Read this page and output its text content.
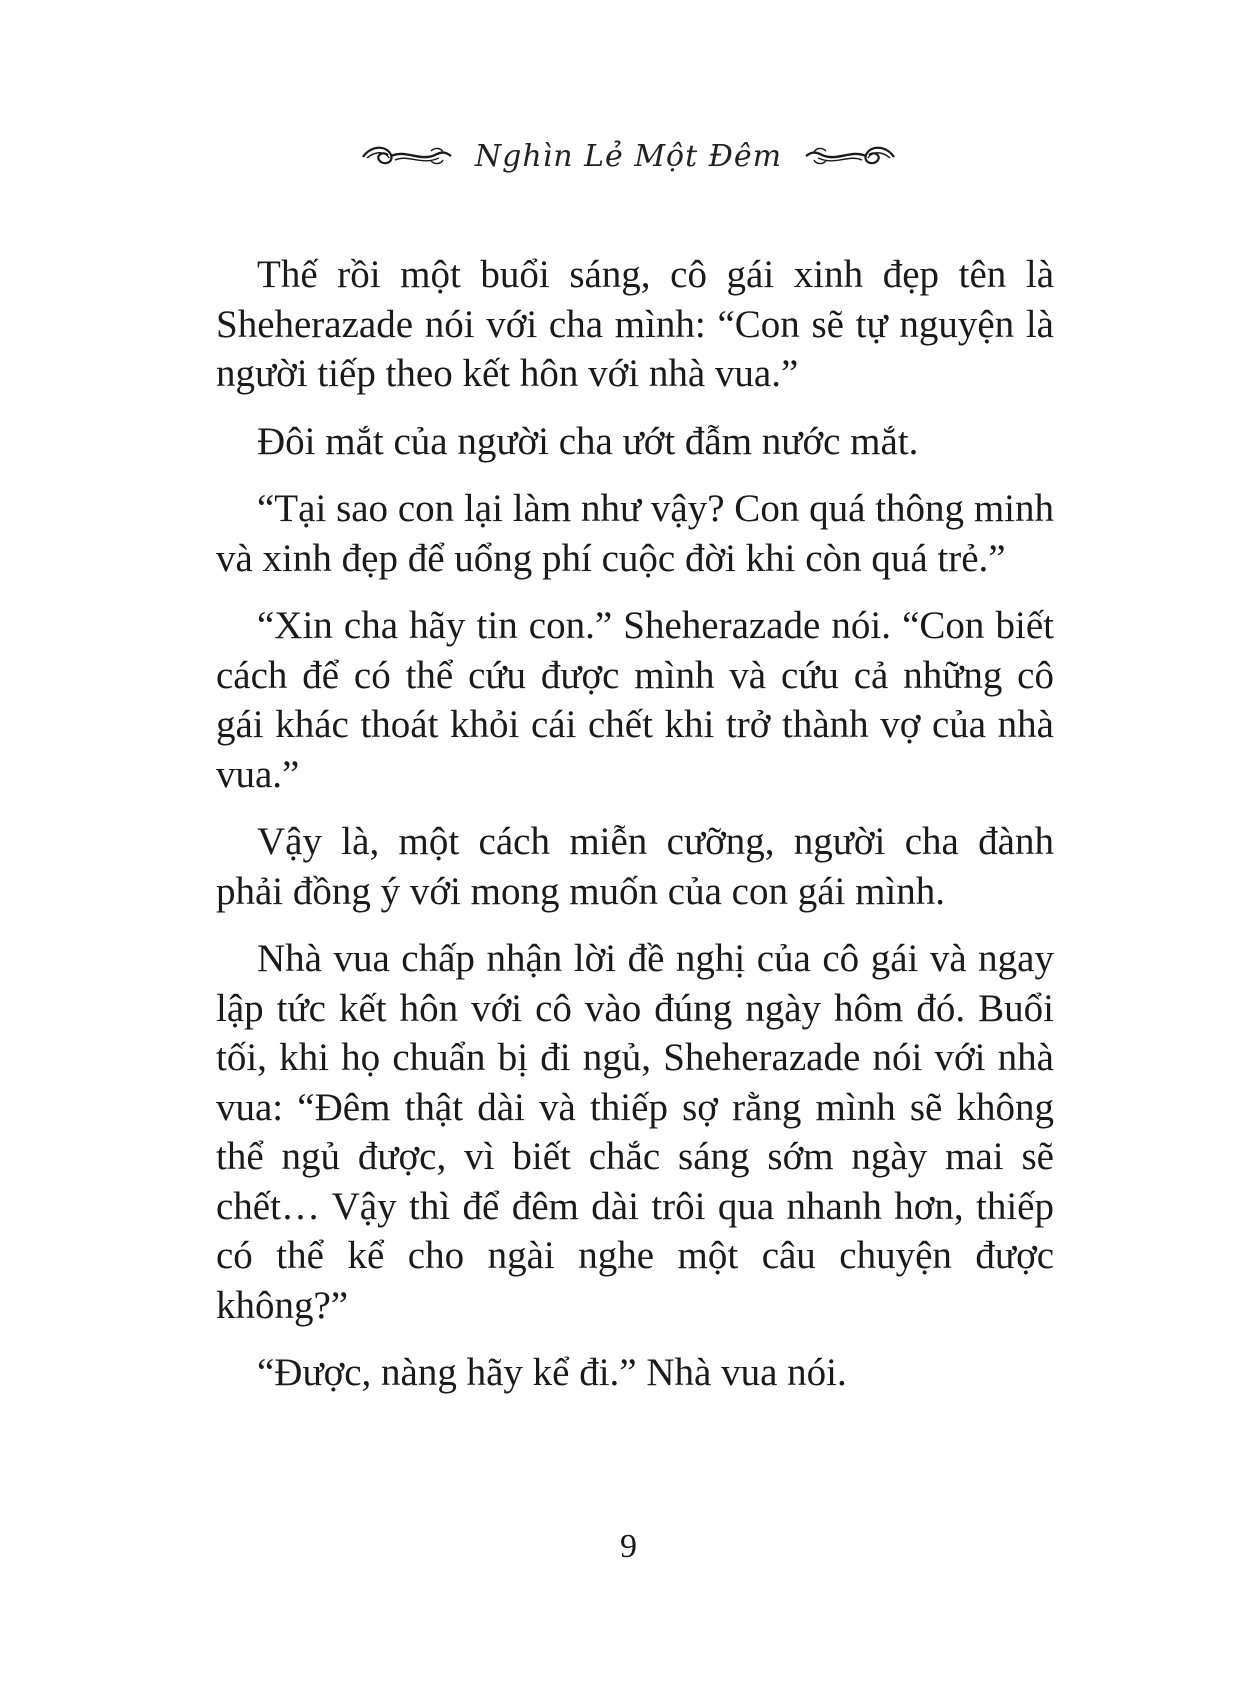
Nghìn Lẻ Một Đêm

Thế rồi một buổi sáng, cô gái xinh đẹp tên là Sheherazade nói với cha mình: “Con sẽ tự nguyện là người tiếp theo kết hôn với nhà vua.”

Đôi mắt của người cha ướt đẫm nước mắt.

“Tại sao con lại làm như vậy? Con quá thông minh và xinh đẹp để uổng phí cuộc đời khi còn quá trẻ.”

“Xin cha hãy tin con.” Sheherazade nói. “Con biết cách để có thể cứu được mình và cứu cả những cô gái khác thoát khỏi cái chết khi trở thành vợ của nhà vua.”

Vậy là, một cách miễn cưỡng, người cha đành phải đồng ý với mong muốn của con gái mình.

Nhà vua chấp nhận lời đề nghị của cô gái và ngay lập tức kết hôn với cô vào đúng ngày hôm đó. Buổi tối, khi họ chuẩn bị đi ngủ, Sheherazade nói với nhà vua: “Đêm thật dài và thiếp sợ rằng mình sẽ không thể ngủ được, vì biết chắc sáng sớm ngày mai sẽ chết… Vậy thì để đêm dài trôi qua nhanh hơn, thiếp có thể kể cho ngài nghe một câu chuyện được không?”

“Được, nàng hãy kể đi.” Nhà vua nói.

9
